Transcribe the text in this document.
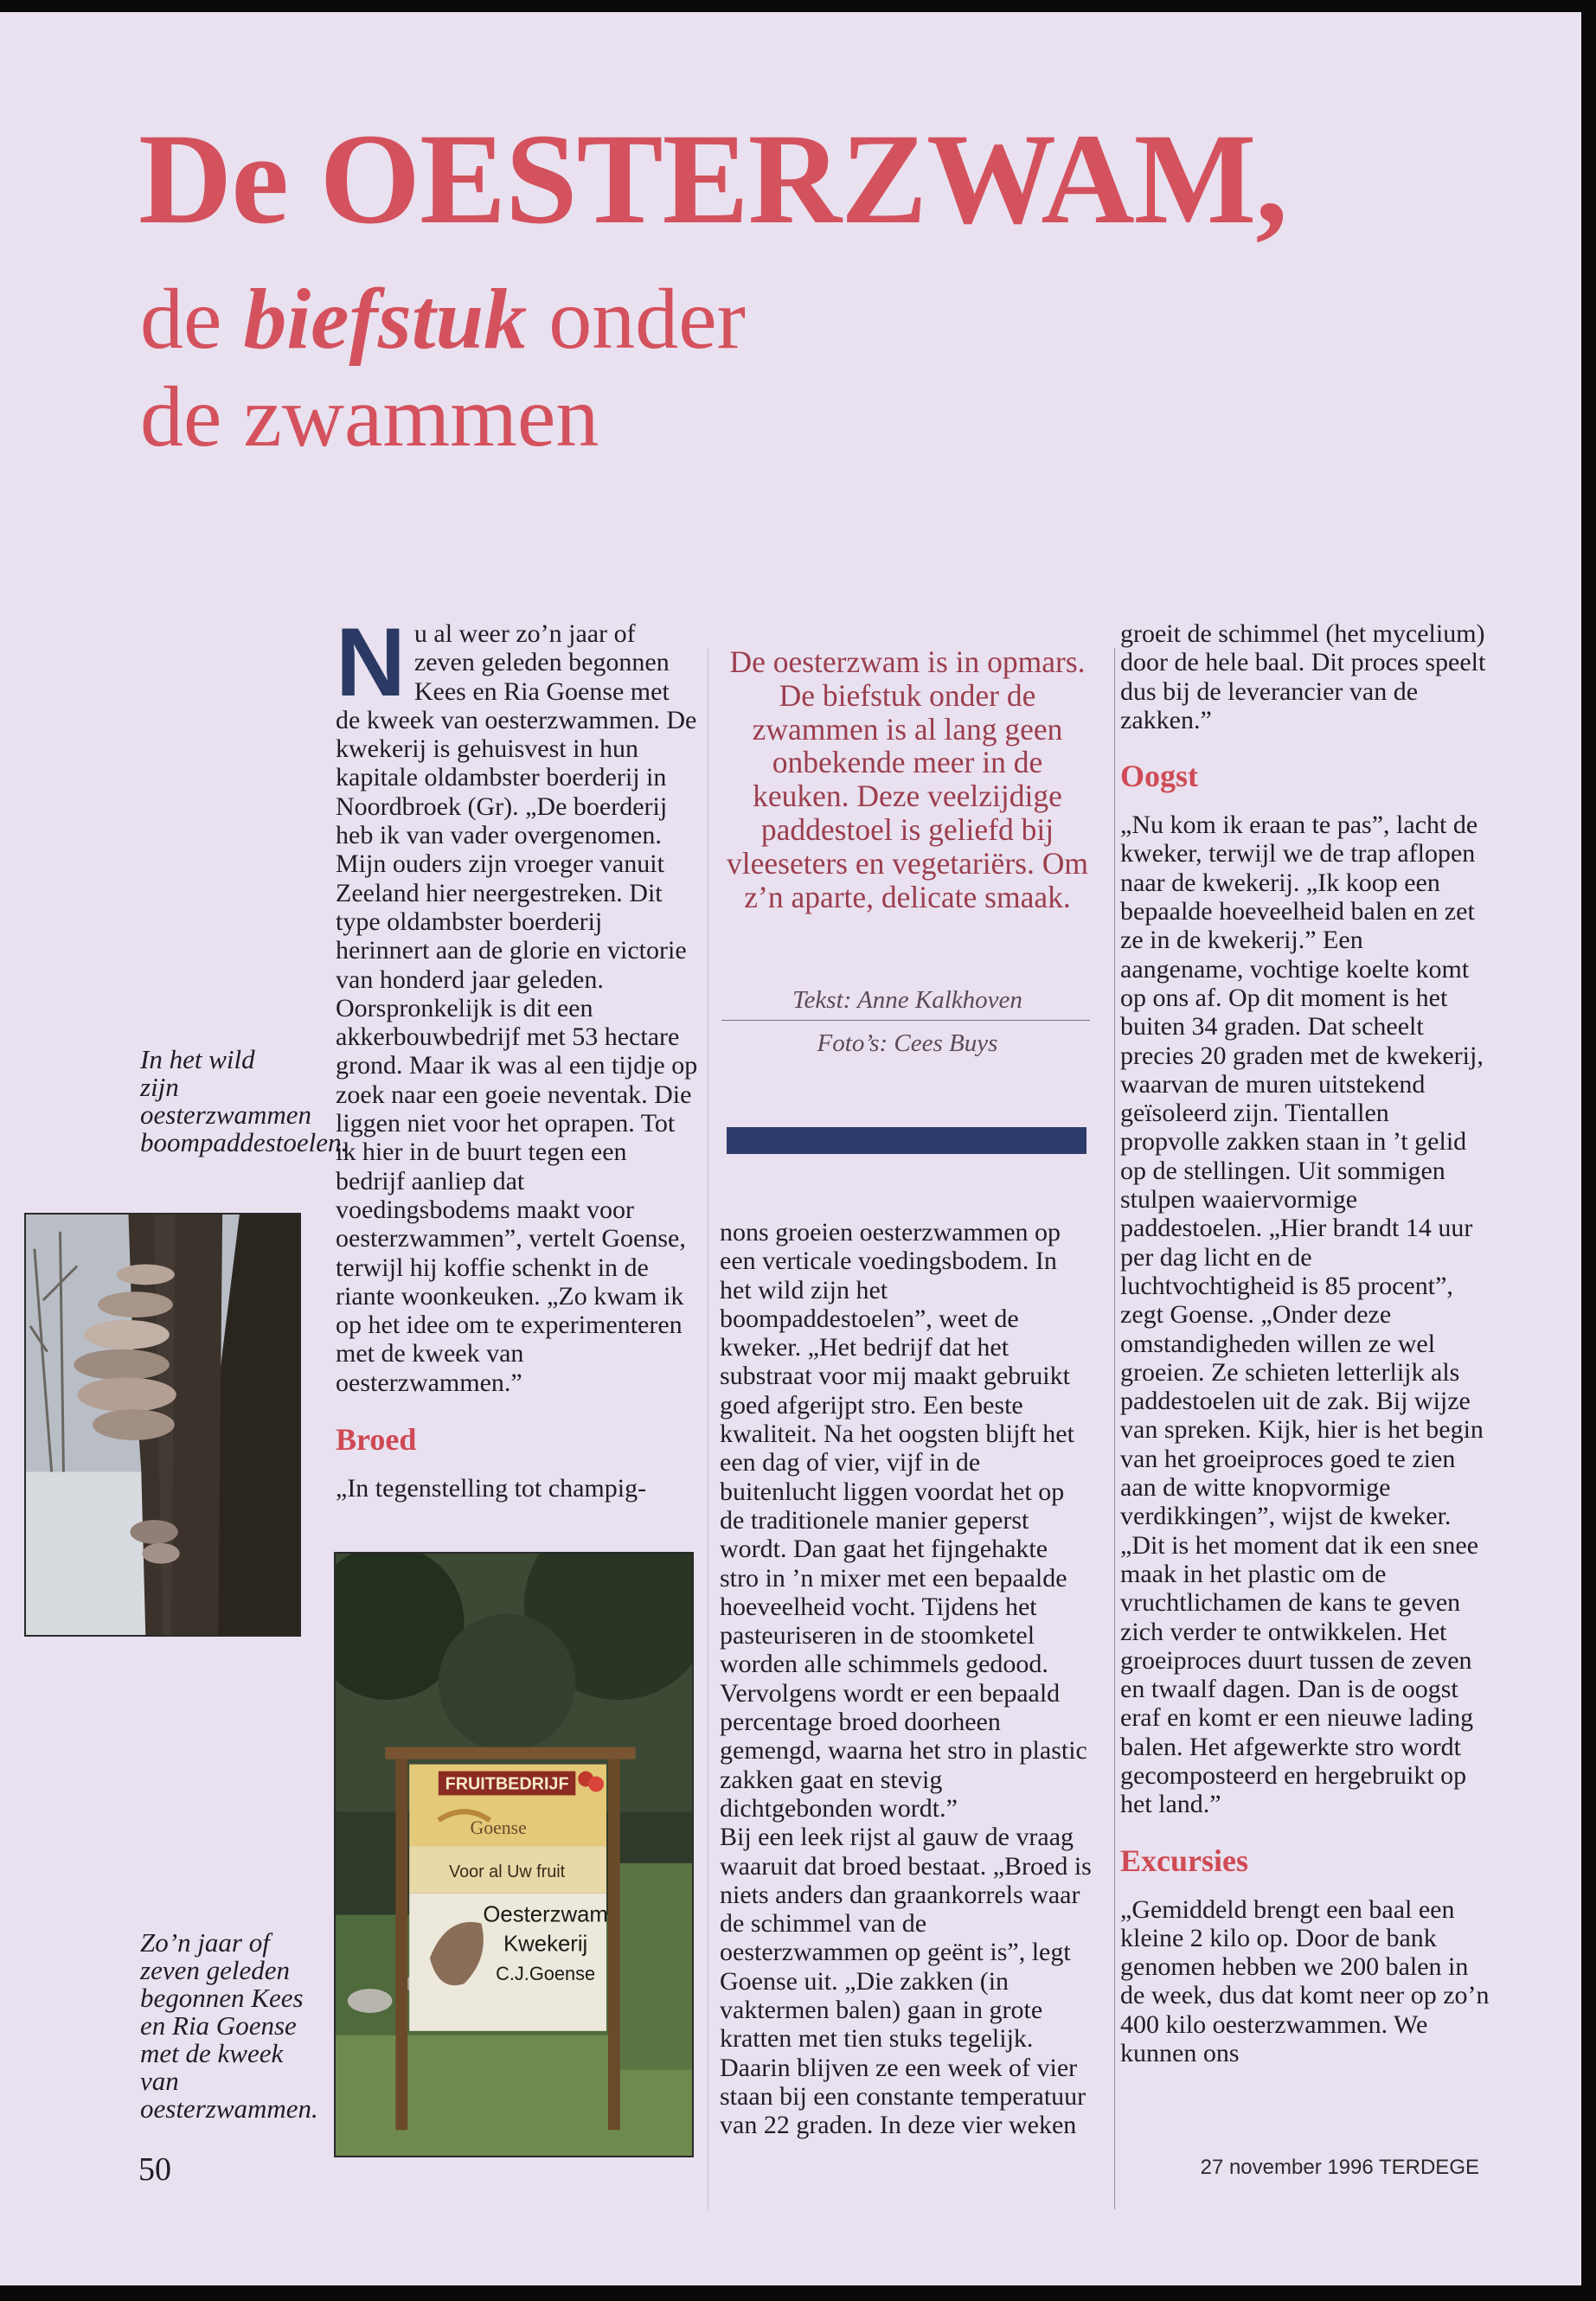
De OESTERZWAM,
de biefstuk onder
de zwammen

Nu al weer zo’n jaar of zeven geleden begonnen Kees en Ria Goense met de kweek van oesterzwammen. De kwekerij is gehuisvest in hun kapitale oldambster boerderij in Noordbroek (Gr). „De boerderij heb ik van vader overgenomen. Mijn ouders zijn vroeger vanuit Zeeland hier neergestreken. Dit type oldambster boerderij herinnert aan de glorie en victorie van honderd jaar geleden. Oorspronkelijk is dit een akkerbouwbedrijf met 53 hectare grond. Maar ik was al een tijdje op zoek naar een goeie neventak. Die liggen niet voor het oprapen. Tot ik hier in de buurt tegen een bedrijf aanliep dat voedingsbodems maakt voor oesterzwammen”, vertelt Goense, terwijl hij koffie schenkt in de riante woonkeuken. „Zo kwam ik op het idee om te experimenteren met de kweek van oesterzwammen.”

Broed

„In tegenstelling tot champig-

De oesterzwam is in opmars. De biefstuk onder de zwammen is al lang geen onbekende meer in de keuken. Deze veelzijdige paddestoel is geliefd bij vleeseters en vegetariërs. Om z’n aparte, delicate smaak.
Tekst: Anne Kalkhoven
Foto’s: Cees Buys

nons groeien oesterzwammen op een verticale voedingsbodem. In het wild zijn het boompaddestoelen”, weet de kweker. „Het bedrijf dat het substraat voor mij maakt gebruikt goed afgerijpt stro. Een beste kwaliteit. Na het oogsten blijft het een dag of vier, vijf in de buitenlucht liggen voordat het op de traditionele manier geperst wordt. Dan gaat het fijngehakte stro in ’n mixer met een bepaalde hoeveelheid vocht. Tijdens het pasteuriseren in de stoomketel worden alle schimmels gedood. Vervolgens wordt er een bepaald percentage broed doorheen gemengd, waarna het stro in plastic zakken gaat en stevig dichtgebonden wordt.”

Bij een leek rijst al gauw de vraag waaruit dat broed bestaat. „Broed is niets anders dan graankorrels waar de schimmel van de oesterzwammen op geënt is”, legt Goense uit. „Die zakken (in vaktermen balen) gaan in grote kratten met tien stuks tegelijk. Daarin blijven ze een week of vier staan bij een constante temperatuur van 22 graden. In deze vier weken

groeit de schimmel (het mycelium) door de hele baal. Dit proces speelt dus bij de leverancier van de zakken.”

Oogst

„Nu kom ik eraan te pas”, lacht de kweker, terwijl we de trap aflopen naar de kwekerij. „Ik koop een bepaalde hoeveelheid balen en zet ze in de kwekerij.” Een aangename, vochtige koelte komt op ons af. Op dit moment is het buiten 34 graden. Dat scheelt precies 20 graden met de kwekerij, waarvan de muren uitstekend geïsoleerd zijn. Tientallen propvolle zakken staan in ’t gelid op de stellingen. Uit sommigen stulpen waaiervormige paddestoelen. „Hier brandt 14 uur per dag licht en de luchtvochtigheid is 85 procent”, zegt Goense. „Onder deze omstandigheden willen ze wel groeien. Ze schieten letterlijk als paddestoelen uit de zak. Bij wijze van spreken. Kijk, hier is het begin van het groeiproces goed te zien aan de witte knopvormige verdikkingen”, wijst de kweker. „Dit is het moment dat ik een snee maak in het plastic om de vruchtlichamen de kans te geven zich verder te ontwikkelen. Het groeiproces duurt tussen de zeven en twaalf dagen. Dan is de oogst eraf en komt er een nieuwe lading balen. Het afgewerkte stro wordt gecomposteerd en hergebruikt op het land.”

Excursies

„Gemiddeld brengt een baal een kleine 2 kilo op. Door de bank genomen hebben we 200 balen in de week, dus dat komt neer op zo’n 400 kilo oesterzwammen. We kunnen ons

In het wild zijn oesterzwammen boompaddestoelen.
Zo’n jaar of zeven geleden begonnen Kees en Ria Goense met de kweek van oesterzwammen.
FRUITBEDRIJF
Goense
Voor al Uw fruit
Oesterzwam
Kwekerij
C.J.Goense
50	27 november 1996 TERDEGE
